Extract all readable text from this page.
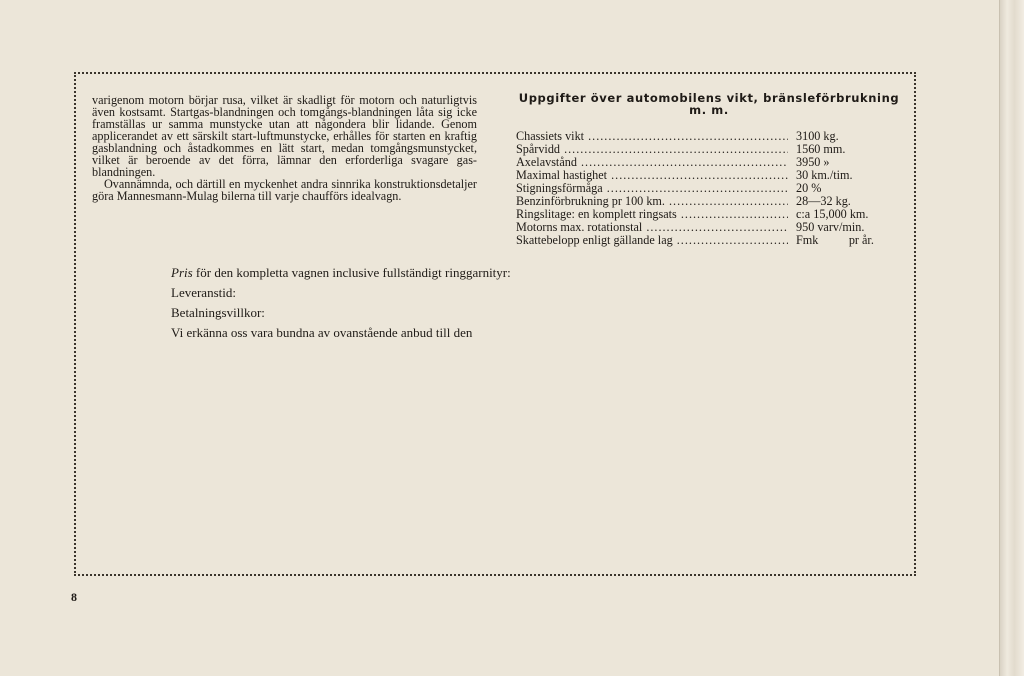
varigenom motorn börjar rusa, vilket är skadligt för motorn och naturligtvis även kostsamt. Startgas-blandningen och tomgångs-blandningen låta sig icke framställas ur samma munstycke utan att någondera blir lidande. Genom applicerandet av ett särskilt start-luftmunstycke, erhålles för starten en kraftig gasblandning och åstadkommes en lätt start, medan tomgångsmunstycket, vilket är beroende av det förra, lämnar den erforderliga svagare gas-blandningen.

Ovannämnda, och därtill en myckenhet andra sinnrika konstruktionsdetaljer göra Mannesmann-Mulag bilerna till varje chaufförs idealvagn.

Uppgifter över automobilens vikt, bränsleförbrukning m. m.
Chassiets vikt .....	3100 kg.
Spårvidd .....	1560 mm.
Axelavstånd .....	3950 »
Maximal hastighet .....	30 km./tim.
Stigningsförmåga .....	20 %
Benzinförbrukning pr 100 km. .....	28—32 kg.
Ringslitage: en komplett ringsats .....	c:a 15,000 km.
Motorns max. rotationstal .....	950 varv/min.
Skattebelopp enligt gällande lag .....	Fmk          pr år.
Pris för den kompletta vagnen inclusive fullständigt ringgarnityr:
Leveranstid:
Betalningsvillkor:
Vi erkänna oss vara bundna av ovanstående anbud till den
8
